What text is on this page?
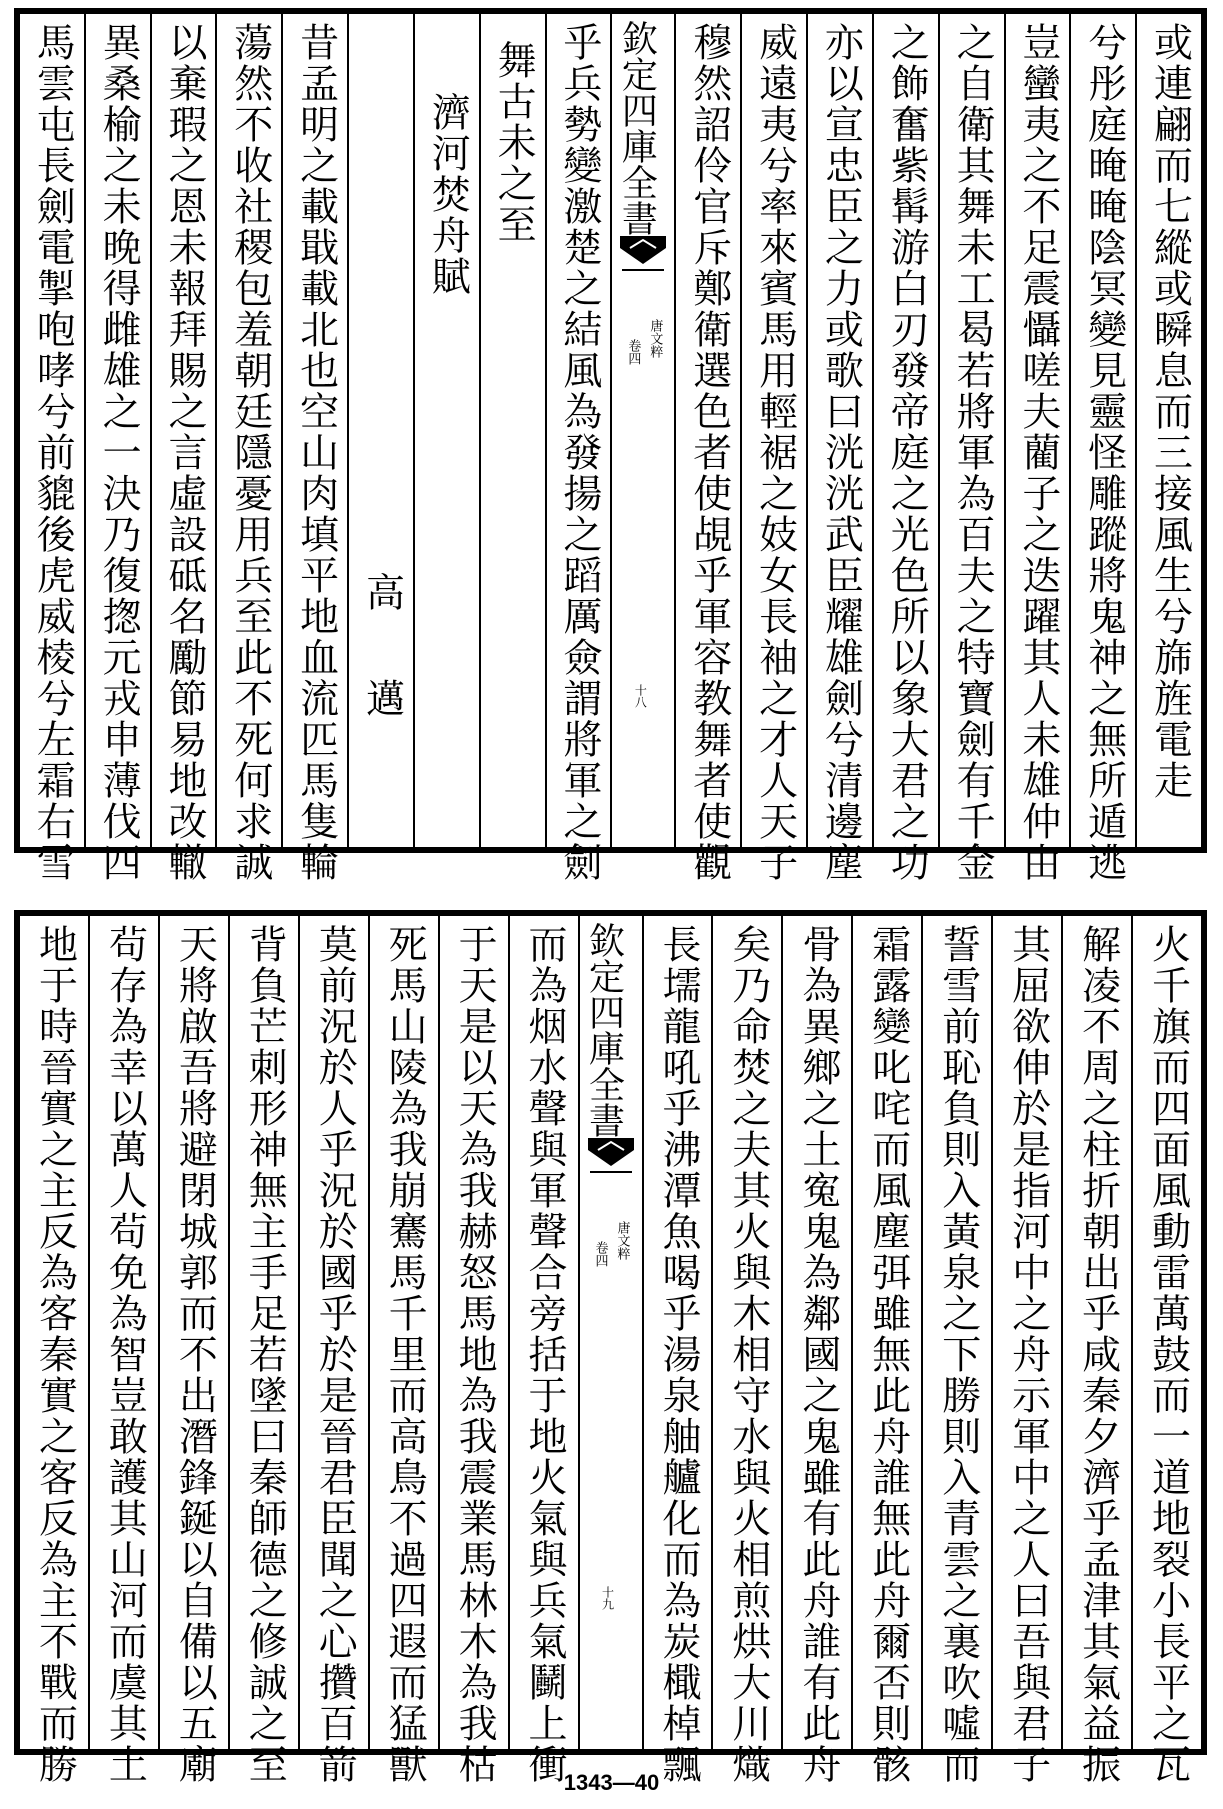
或連翩而七縱或瞬息而三接風生兮旆旌電走
兮彤庭晻晻陰冥變見靈怪雕蹤將鬼神之無所遁逃
豈蠻夷之不足震懾嗟夫藺子之迭躍其人未雄仲由
之自衛其舞未工曷若將軍為百夫之特寶劍有千金
之飾奮紫髯游白刃發帝庭之光色所以象大君之功
亦以宣忠臣之力或歌曰洸洸武臣耀雄劍兮清邊塵
威遠夷兮率來賓馬用輕裾之妓女長袖之才人天子
穆然詔伶官斥鄭衛選色者使覘乎軍容教舞者使觀
欽定四庫全書
唐文粹
卷四
十八
乎兵勢變激楚之結風為發揚之蹈厲僉謂將軍之劍
舞古未之至
濟河焚舟賦
高　邁
昔孟明之載戢載北也空山肉填平地血流匹馬隻輪
蕩然不收社稷包羞朝廷隱憂用兵至此不死何求誠
以棄瑕之恩未報拜賜之言虛設砥名勵節易地改轍
異桑榆之未晚得雌雄之一決乃復揔元戎申薄伐四
馬雲屯長劍電掣咆哮兮前貔後虎威棱兮左霜右雪
火千旗而四面風動雷萬鼓而一道地裂小長平之瓦
解凌不周之柱折朝出乎咸秦夕濟乎孟津其氣益振
其屈欲伸於是指河中之舟示軍中之人曰吾與君子
誓雪前恥負則入黃泉之下勝則入青雲之裏吹噓而
霜露變叱咤而風塵弭雖無此舟誰無此舟爾否則骸
骨為異鄉之土寃鬼為鄰國之鬼雖有此舟誰有此舟
矣乃命焚之夫其火與木相守水與火相煎烘大川熾
長壖龍吼乎沸潭魚喝乎湯泉舳艫化而為炭檝棹飄
欽定四庫全書
唐文粹
卷四
十九
而為烟水聲與軍聲合旁括于地火氣與兵氣鬭上衝
于天是以天為我赫怒馬地為我震業馬林木為我枯
死馬山陵為我崩騫馬千里而高鳥不過四遐而猛獸
莫前況於人乎況於國乎於是晉君臣聞之心攢百箭
背負芒刺形神無主手足若墜曰秦師德之修誠之至
天將啟吾將避閉城郭而不出潛鋒鋋以自備以五廟
茍存為幸以萬人茍免為智豈敢護其山河而虞其土
地于時晉實之主反為客秦實之客反為主不戰而勝	1343—40
